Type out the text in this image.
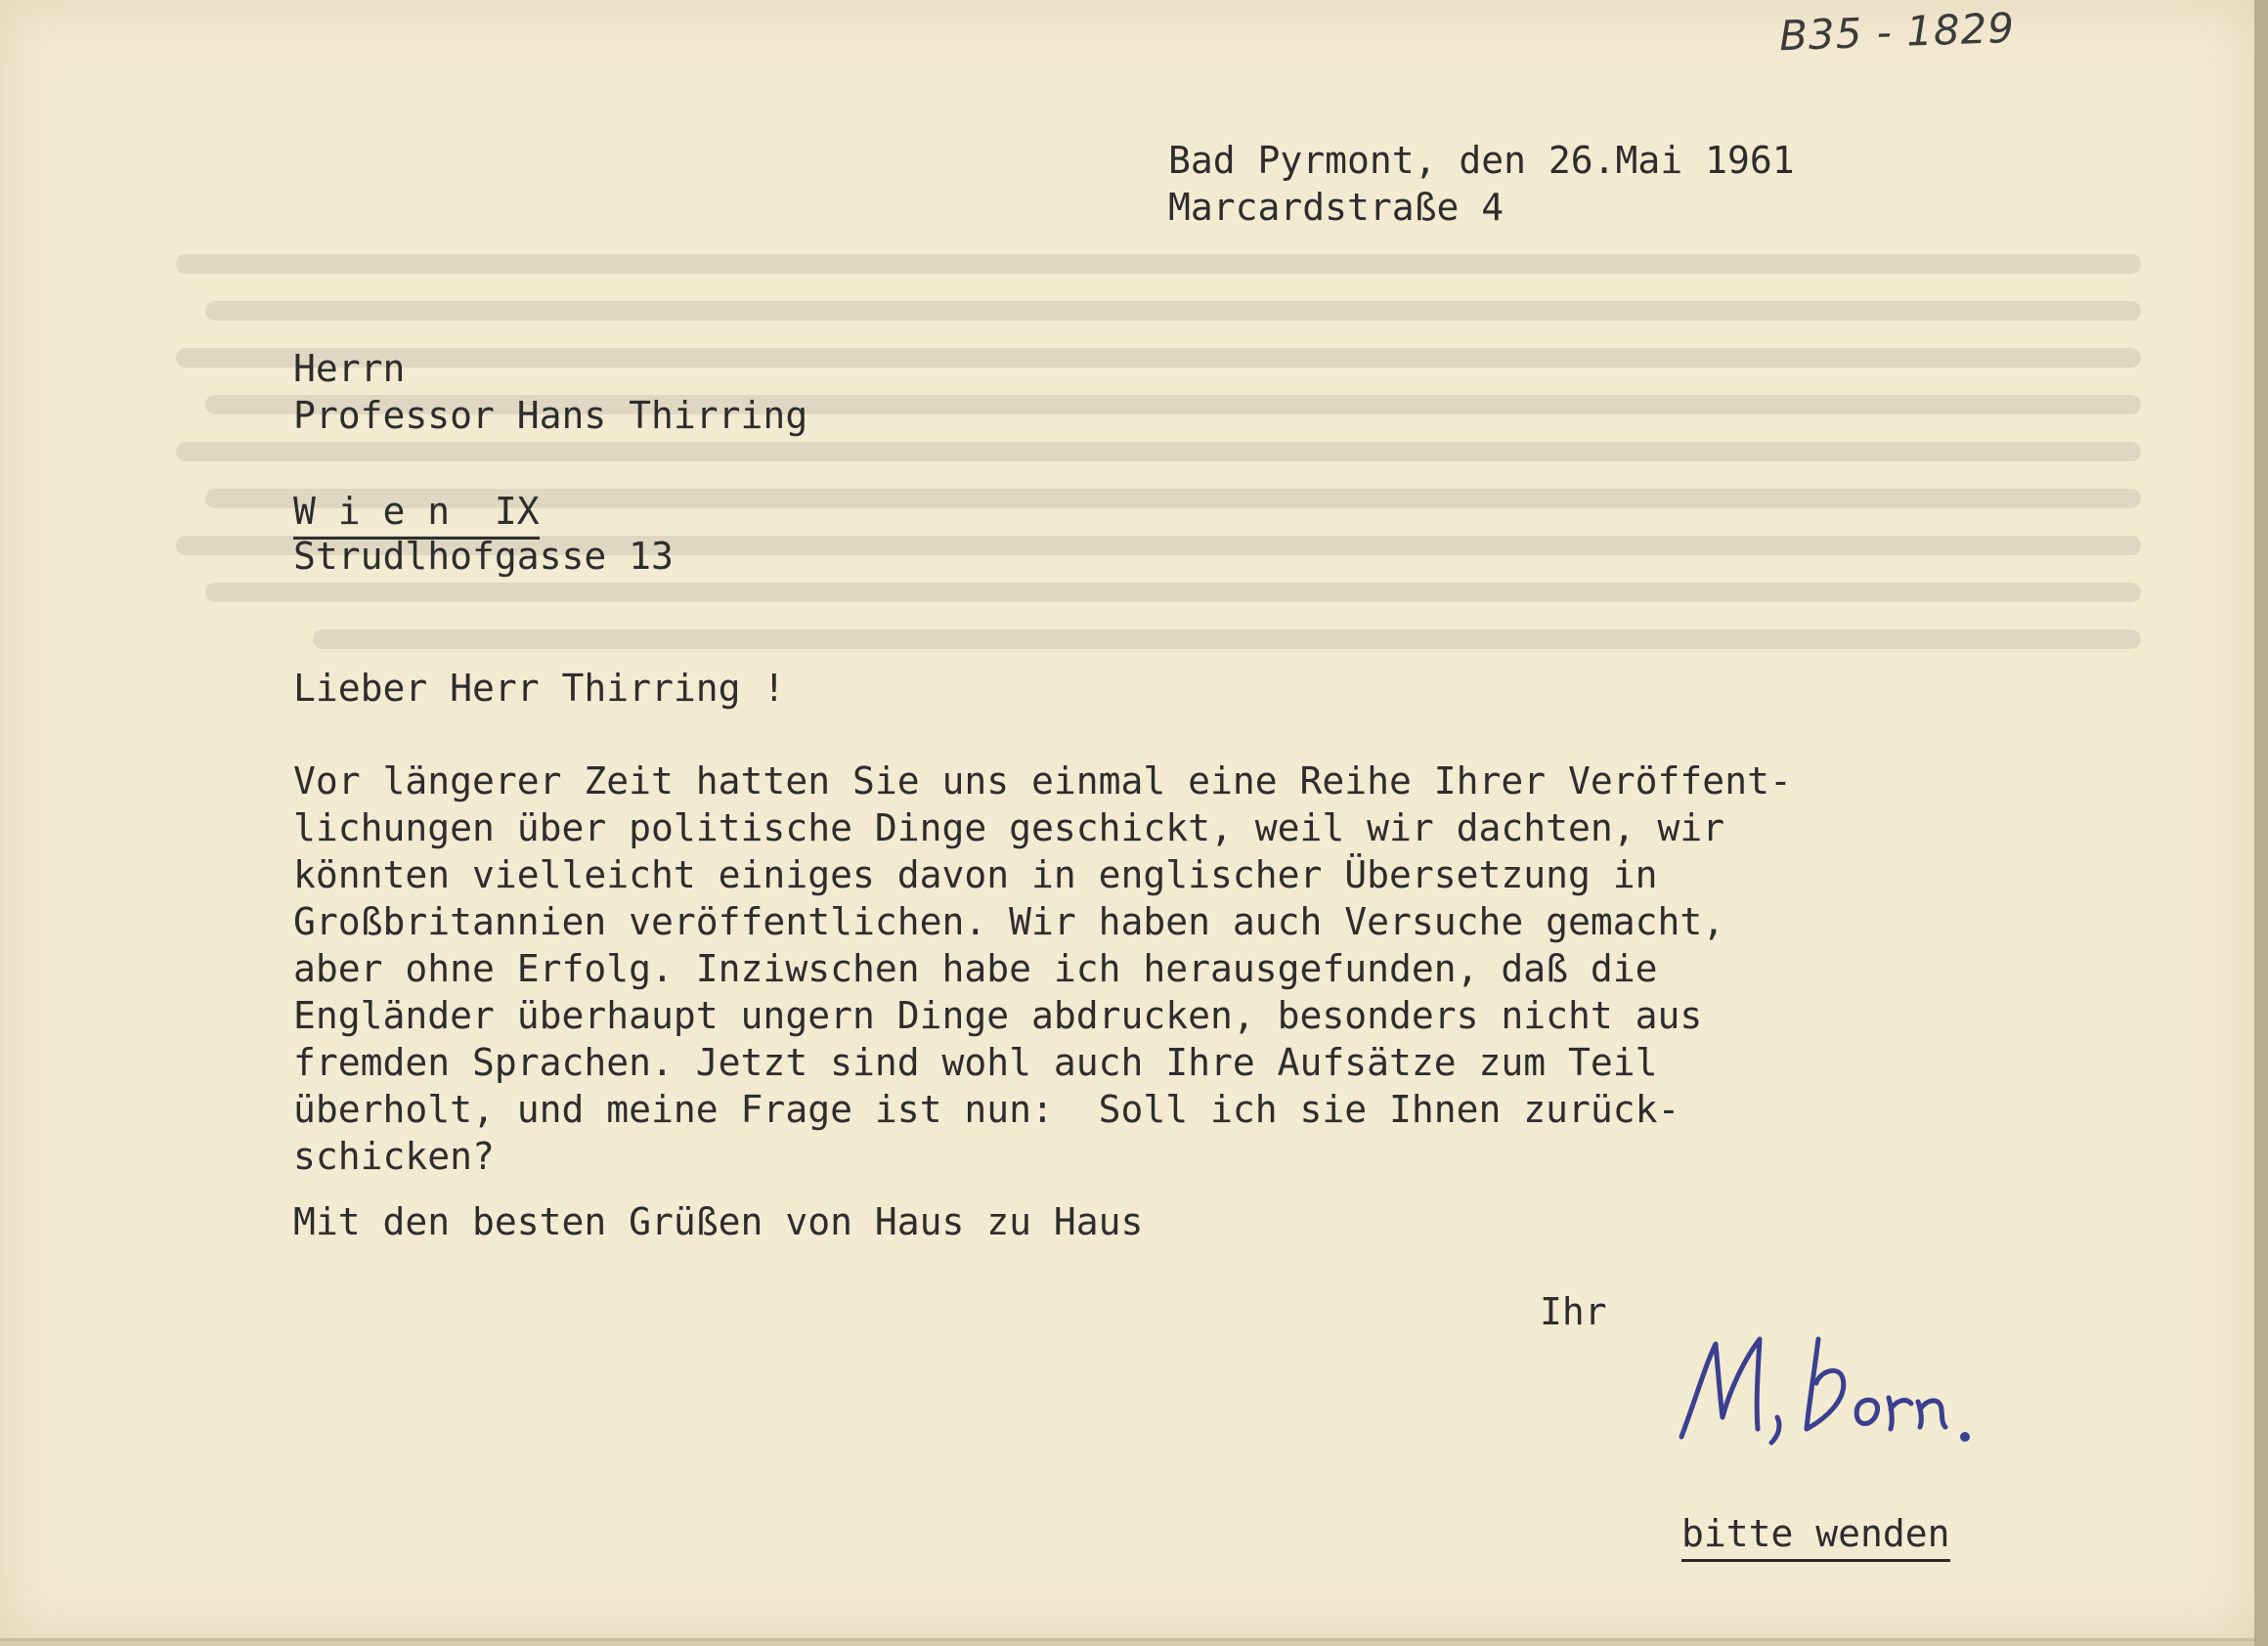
B35 - 1829

Bad Pyrmont, den 26.Mai 1961

Marcardstraße 4

Herrn

Professor Hans Thirring

W i e n  IX

Strudlhofgasse 13

Lieber Herr Thirring !

Vor längerer Zeit hatten Sie uns einmal eine Reihe Ihrer Veröffent-

lichungen über politische Dinge geschickt, weil wir dachten, wir

könnten vielleicht einiges davon in englischer Übersetzung in

Großbritannien veröffentlichen. Wir haben auch Versuche gemacht,

aber ohne Erfolg. Inziwschen habe ich herausgefunden, daß die

Engländer überhaupt ungern Dinge abdrucken, besonders nicht aus

fremden Sprachen. Jetzt sind wohl auch Ihre Aufsätze zum Teil

überholt, und meine Frage ist nun:  Soll ich sie Ihnen zurück-

schicken?

Mit den besten Grüßen von Haus zu Haus

Ihr

bitte wenden
